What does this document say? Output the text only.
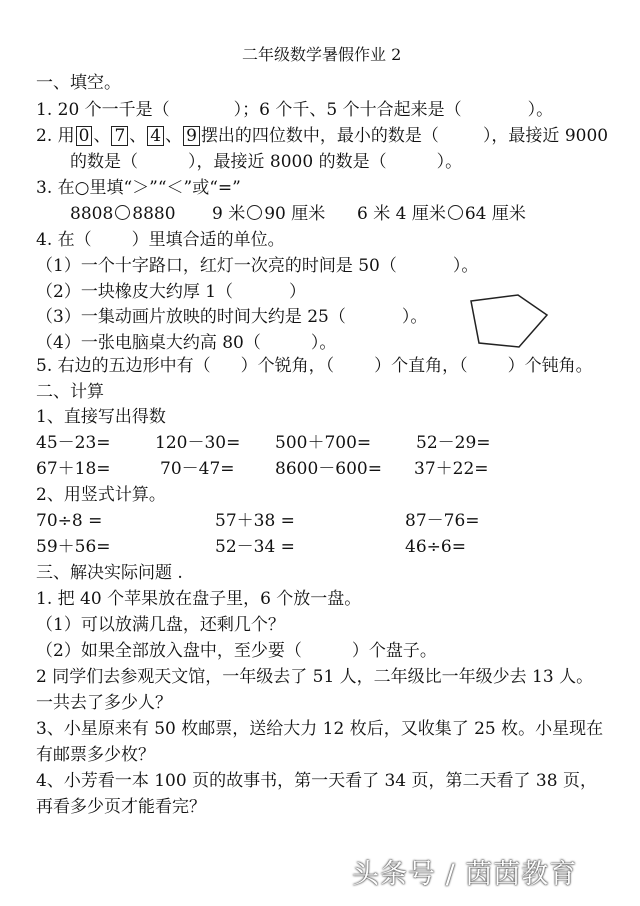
二年级数学暑假作业 2
一、填空。
1. 20 个一千是（	）；6 个千、5 个十合起来是（	）。
2. 用 0 、 7 、 4 、 9 摆出的四位数中，最小的数是（	），最接近 9000
的数是（	），最接近 8000 的数是（	）。
3. 在○里填“＞”“＜”或“=”
8808 8880 9 米 90 厘米 6 米 4 厘米 64 厘米
4. 在（ ）里填合适的单位。
（1）一个十字路口，红灯一次亮的时间是 50（	）。
（2）一块橡皮大约厚 1（	）
（3）一集动画片放映的时间大约是 25（	）。
（4）一张电脑桌大约高 80（	）。
5. 右边的五边形中有（ ）个锐角，（ ）个直角，（ ）个钝角。
二、计算
1、直接写出得数
45－23=	120－30= 500＋700=	52－29=
67＋18=	70－47= 8600－600= 37＋22=
2、用竖式计算。
70÷8 =	57＋38 =	87－76=
59＋56=	52－34 =	46÷6=
三、解决实际问题 .
1. 把 40 个苹果放在盘子里，6 个放一盘。
（1）可以放满几盘，还剩几个？
（2）如果全部放入盘中，至少要（	）个盘子。
2 同学们去参观天文馆，一年级去了 51 人，二年级比一年级少去 13 人。
一共去了多少人？
3、小星原来有 50 枚邮票，送给大力 12 枚后，又收集了 25 枚。小星现在
有邮票多少枚？
4、小芳看一本 100 页的故事书，第一天看了 34 页，第二天看了 38 页，
再看多少页才能看完？
头条号 / 茵茵教育
